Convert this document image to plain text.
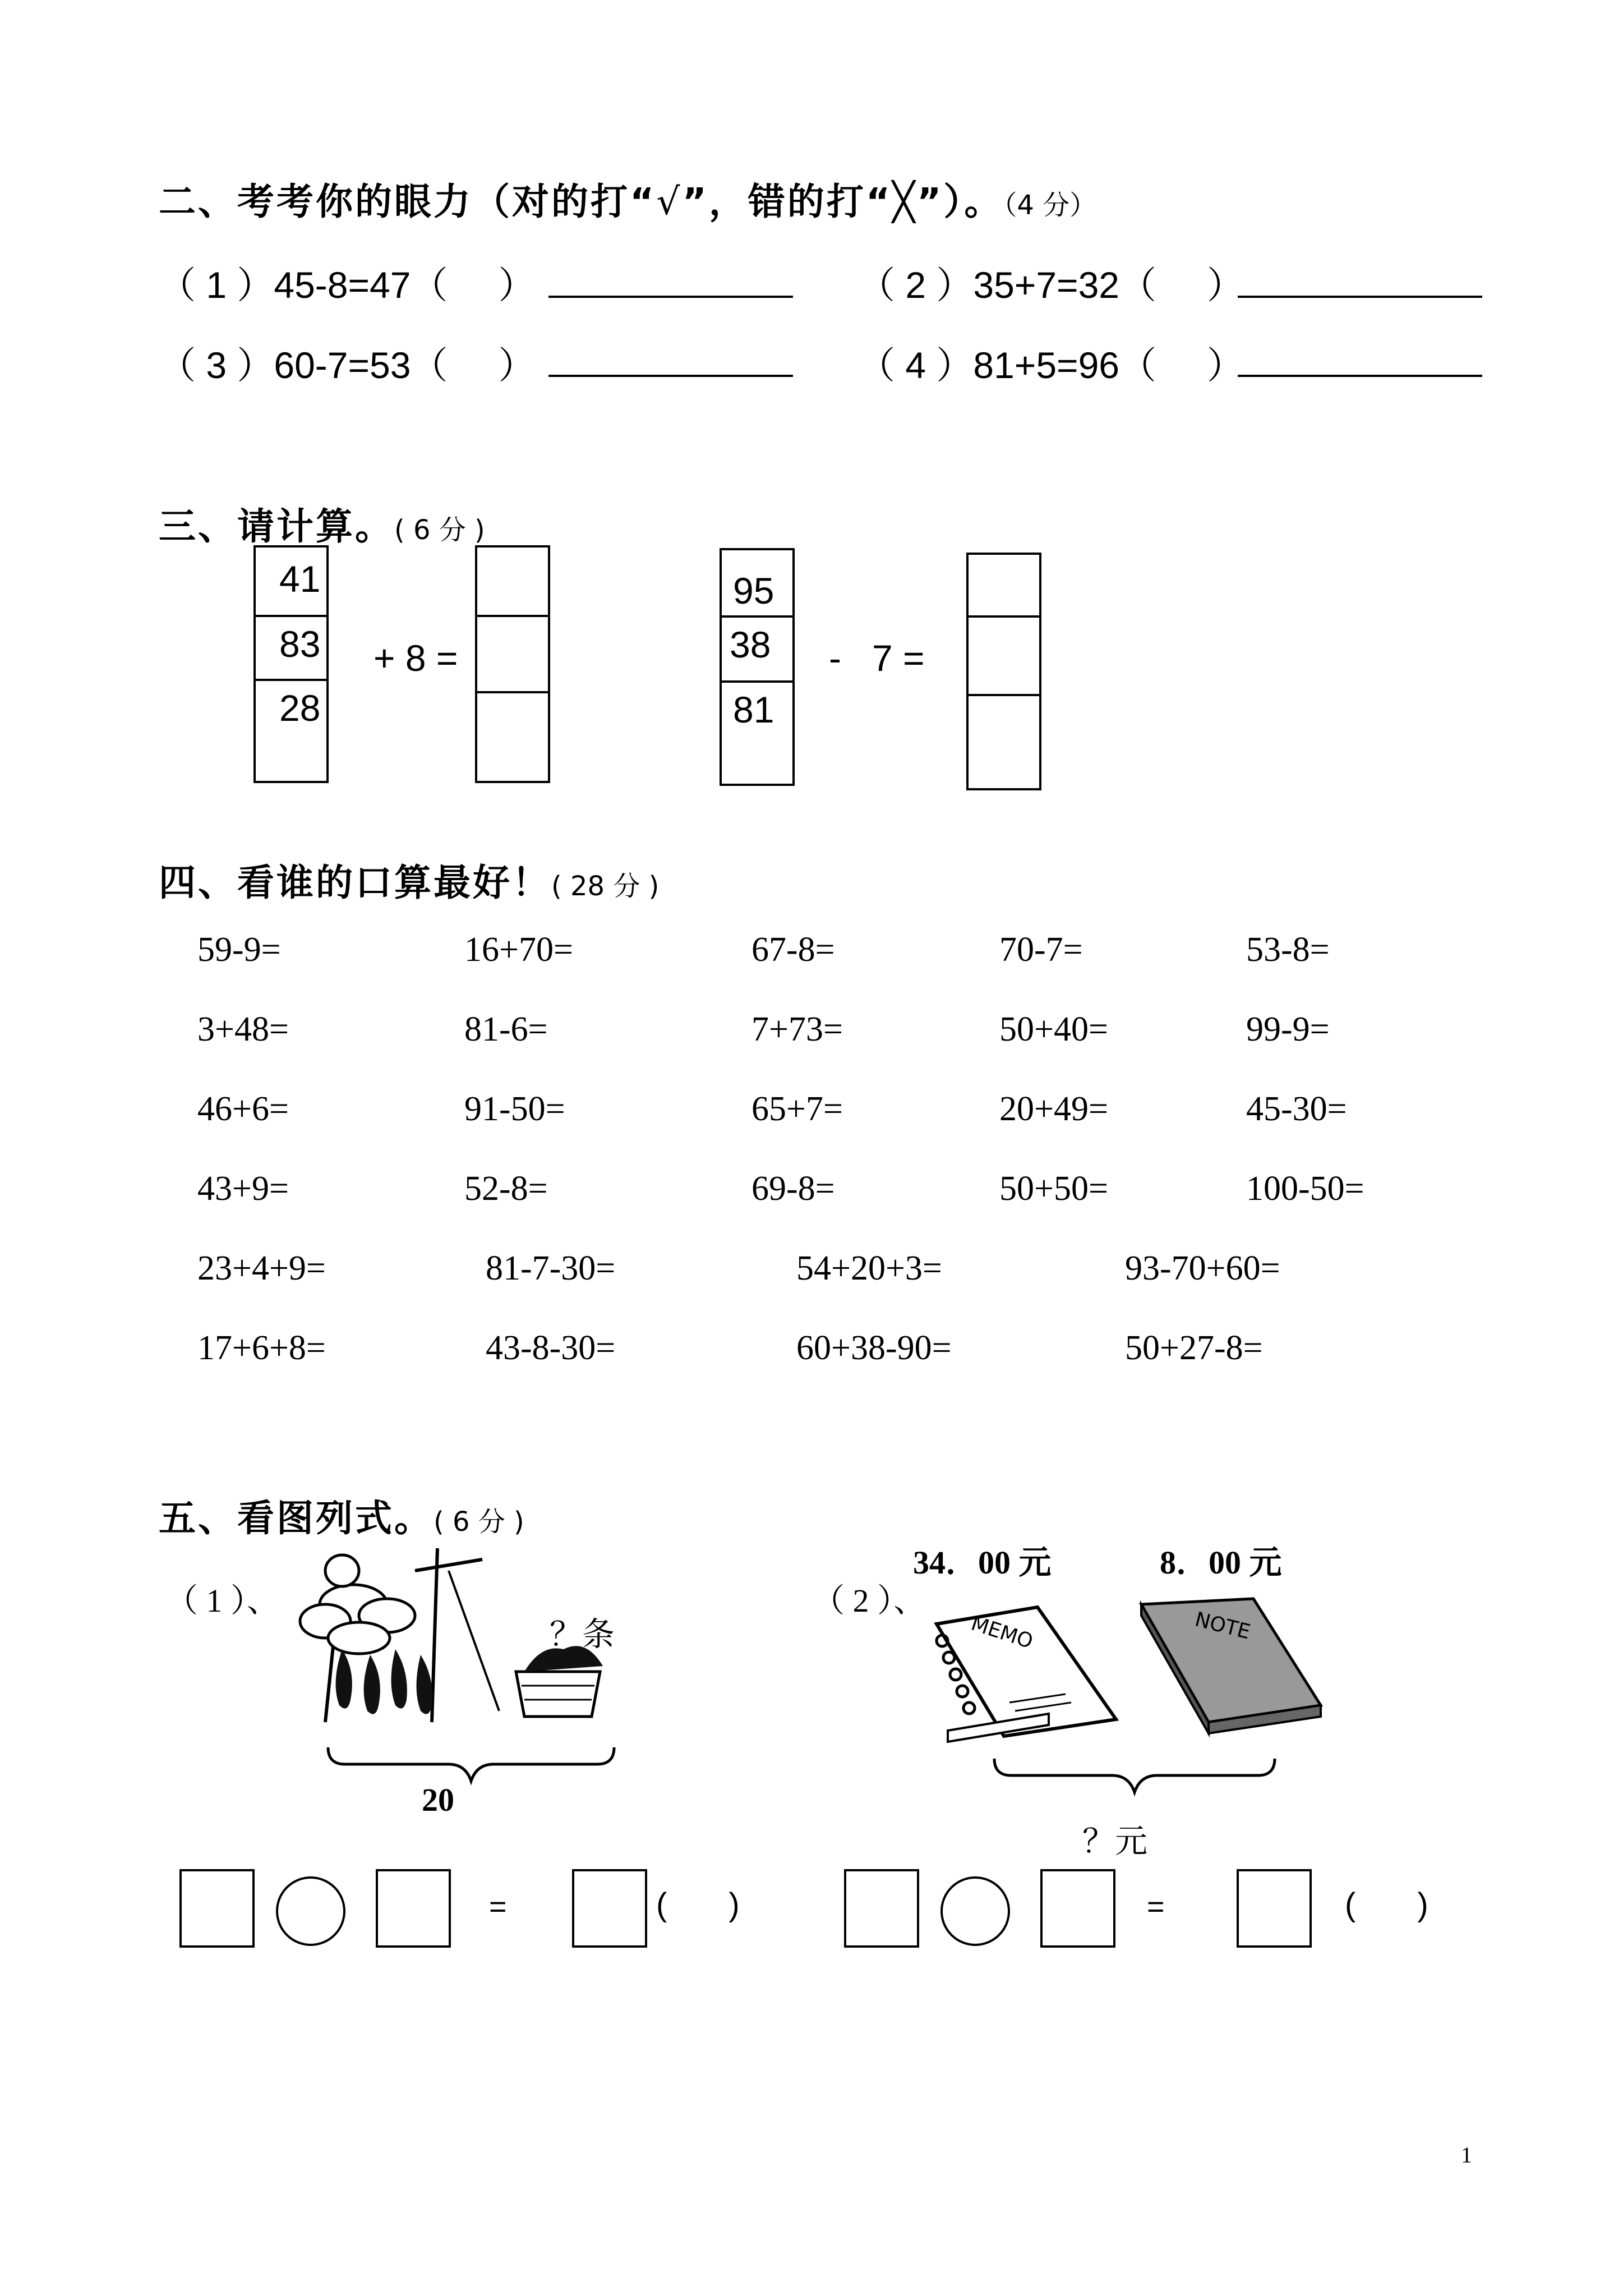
二、考考你的眼力（对的打“√”，错的打“╳”）。（4 分）
（ 1 ）45-8=47（ ）	（ 2 ）35+7=32（ ）
（ 3 ）60-7=53（ ）	（ 4 ）81+5=96（ ）
三、请计算。( 6 分 )
41
83
28
+ 8 =
95
38
81
-   7 =
四、看谁的口算最好！( 28 分 )
59-9=	16+70=	67-8=	70-7=	53-8=
3+48=	81-6=	7+73=	50+40=	99-9=
46+6=	91-50=	65+7=	20+49=	45-30=
43+9=	52-8=	69-8=	50+50=	100-50=
23+4+9=	81-7-30=	54+20+3=	93-70+60=
17+6+8=	43-8-30=	60+38-90=	50+27-8=
五、看图列式。( 6 分 )
（ 1 ）、
？条
20
（ 2 ）、
34．00 元	8．00 元
MEMO	NOTE
？元
=	( )	=	( )
1
